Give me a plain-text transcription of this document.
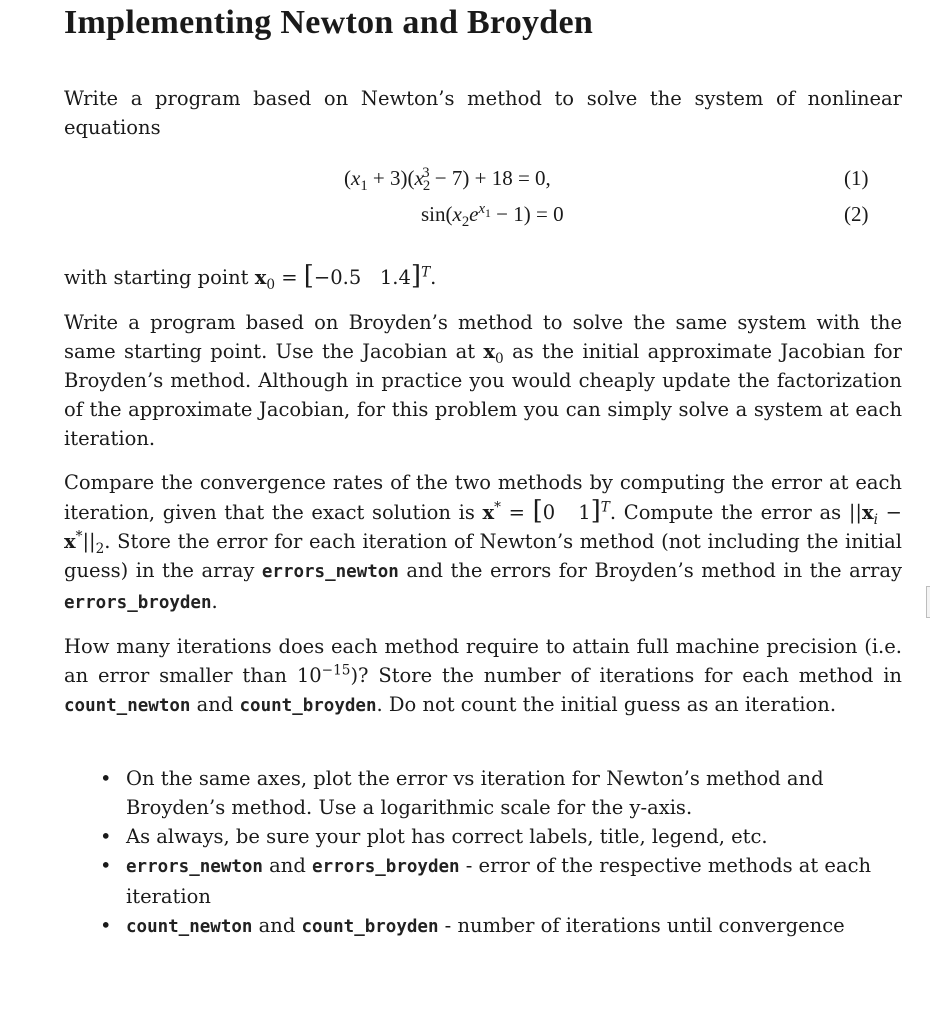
Implementing Newton and Broyden

Write a program based on Newton’s method to solve the system of nonlinear equations

$(x_1 + 3)(x_2^3 - 7) + 18 = 0$,	(1)
$\sin(x_2e^{x_1} - 1) = 0$	(2)

with starting point $x_0 = [-0.5$ 1.4]$^T$.

Write a program based on Broyden’s method to solve the same system with the same starting point. Use the Jacobian at $x_0$ as the initial approximate Jacobian for Broyden’s method. Although in practice you would cheaply update the factorization of the approximate Jacobian, for this problem you can simply solve a system at each iteration.

Compare the convergence rates of the two methods by computing the error at each iteration, given that the exact solution is x* = [0 1]$^T$. Compute the error as $||x_i - x^*||_2$. Store the error for each iteration of Newton’s method (not including the initial guess) in the array errors_newton and the errors for Broyden’s method in the array errors_broyden.

How many iterations does each method require to attain full machine precision (i.e. an error smaller than $10^{-15}$)? Store the number of iterations for each method in count_newton and count_broyden. Do not count the initial guess as an iteration.

• On the same axes, plot the error vs iteration for Newton’s method and Broyden’s method. Use a logarithmic scale for the y-axis.
• As always, be sure your plot has correct labels, title, legend, etc.
• errors_newton and errors_broyden - error of the respective methods at each iteration
• count_newton and count_broyden - number of iterations until convergence
